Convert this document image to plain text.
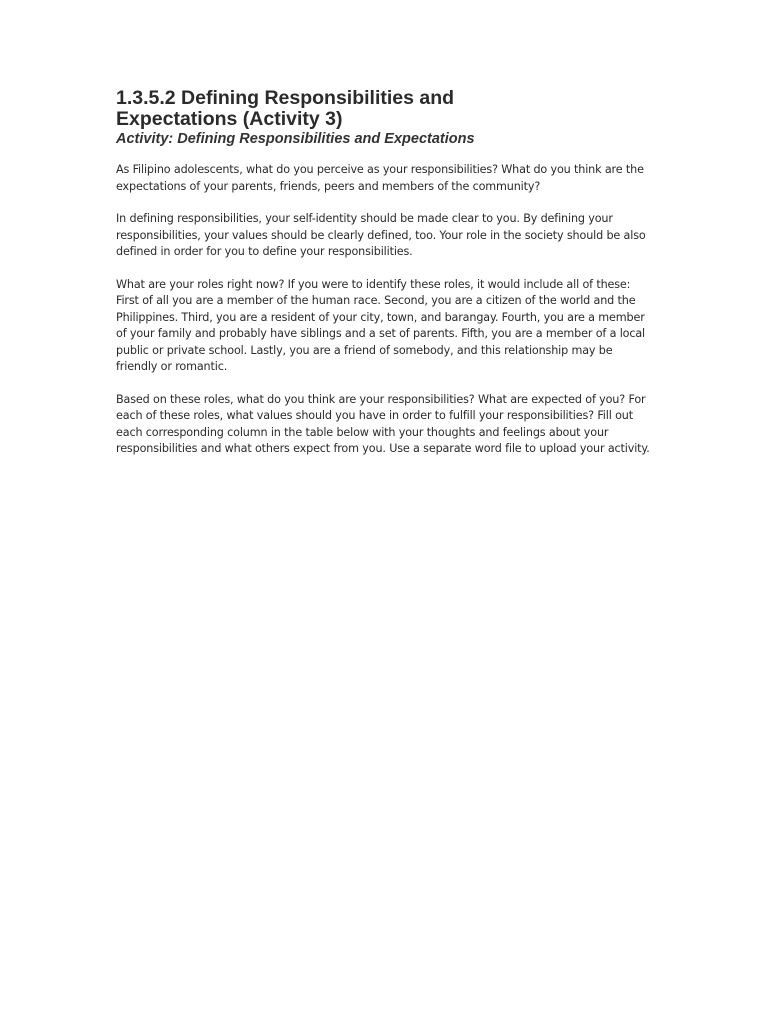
1.3.5.2 Defining Responsibilities and
Expectations (Activity 3)

Activity: Defining Responsibilities and Expectations

As Filipino adolescents, what do you perceive as your responsibilities? What do you think are the expectations of your parents, friends, peers and members of the community?

In defining responsibilities, your self-identity should be made clear to you. By defining your responsibilities, your values should be clearly defined, too. Your role in the society should be also defined in order for you to define your responsibilities.

What are your roles right now? If you were to identify these roles, it would include all of these: First of all you are a member of the human race. Second, you are a citizen of the world and the Philippines. Third, you are a resident of your city, town, and barangay. Fourth, you are a member of your family and probably have siblings and a set of parents. Fifth, you are a member of a local public or private school. Lastly, you are a friend of somebody, and this relationship may be friendly or romantic.

Based on these roles, what do you think are your responsibilities? What are expected of you? For each of these roles, what values should you have in order to fulfill your responsibilities? Fill out each corresponding column in the table below with your thoughts and feelings about your responsibilities and what others expect from you. Use a separate word file to upload your activity.
